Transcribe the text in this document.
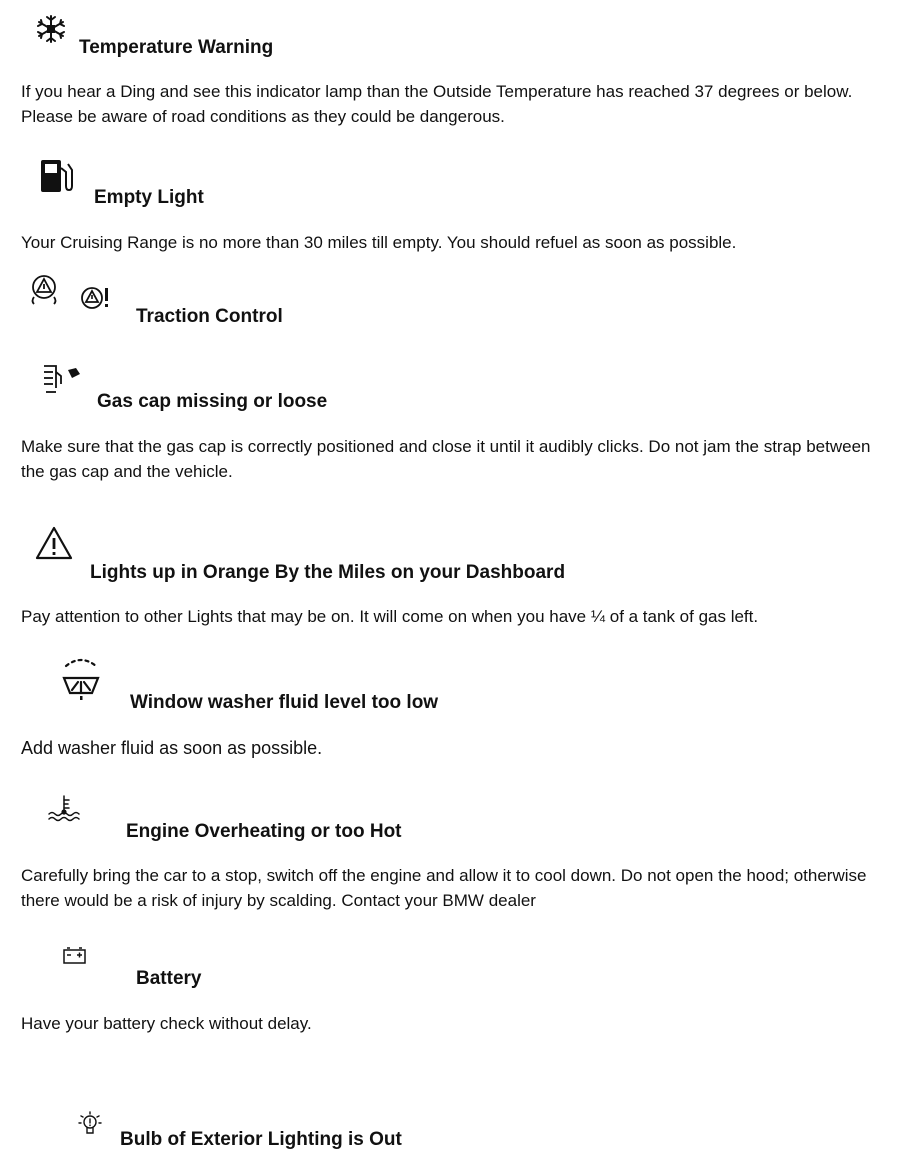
Temperature Warning
If you hear a Ding and see this indicator lamp than the Outside Temperature has reached 37 degrees or below. Please be aware of road conditions as they could be dangerous.
Empty Light
Your Cruising Range is no more than 30 miles till empty. You should refuel as soon as possible.
Traction Control
Gas cap missing or loose
Make sure that the gas cap is correctly positioned and close it until it audibly clicks. Do not jam the strap between the gas cap and the vehicle.
Lights up in Orange By the Miles on your Dashboard
Pay attention to other Lights that may be on. It will come on when you have ¼ of a tank of gas left.
Window washer fluid level too low
Add washer fluid as soon as possible.
Engine Overheating or too Hot
Carefully bring the car to a stop, switch off the engine and allow it to cool down. Do not open the hood; otherwise there would be a risk of injury by scalding. Contact your BMW dealer
Battery
Have your battery check without delay.
Bulb of Exterior Lighting is Out
